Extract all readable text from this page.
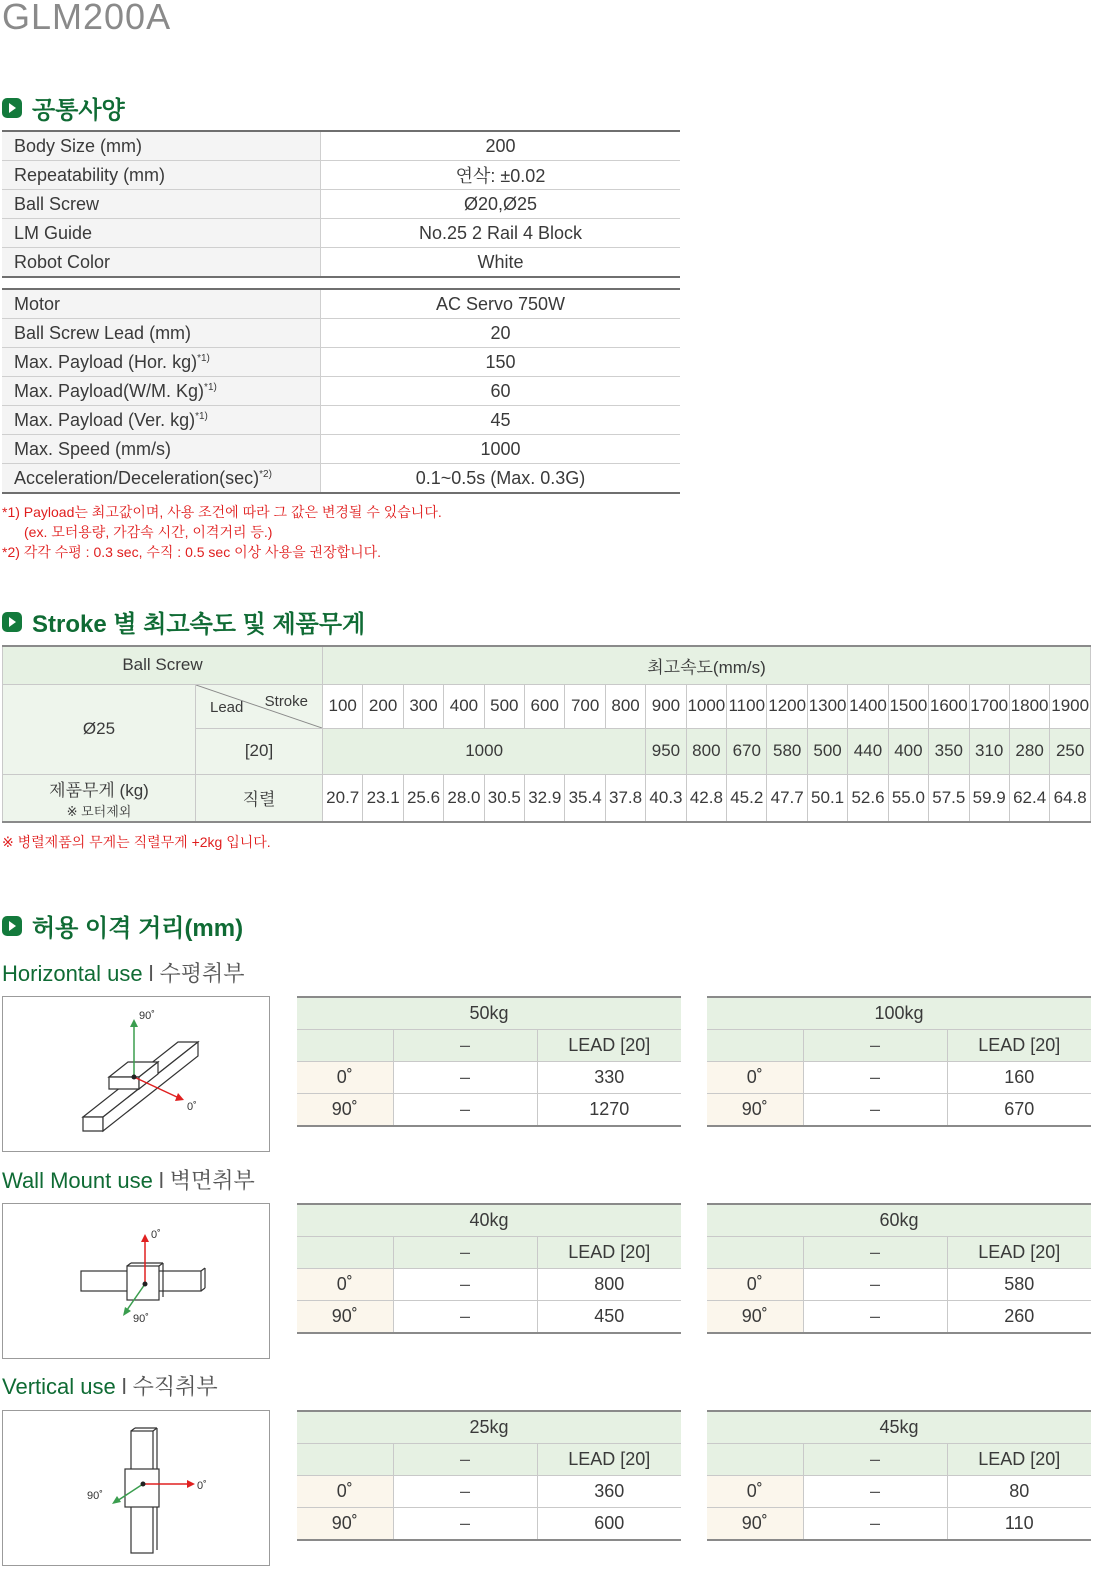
GLM200A
공통사양
Body Size (mm)	200
Repeatability (mm)	연삭: ±0.02
Ball Screw	Ø20,Ø25
LM Guide	No.25 2 Rail 4 Block
Robot Color	White
Motor	AC Servo 750W
Ball Screw Lead (mm)	20
Max. Payload (Hor. kg)$^{*1)}$	150
Max. Payload(W/M. Kg)$^{*1)}$	60
Max. Payload (Ver. kg)$^{*1)}$	45
Max. Speed (mm/s)	1000
Acceleration/$Deceleration(\sec)^{*2)}$	0.1~0.5s (Max. 0.3G)
*1) Payload는 최고값이며, 사용 조건에 따라 그 값은 변경될 수 있습니다.
(ex. 모터용량, 가감속 시간, 이격거리 등.)
*2) 각각 수평 : 0.3 sec, 수직 : 0.5 sec 이상 사용을 권장합니다.
Stroke 별 최고속도 및 제품무게
Ball Screw		최고속도(mm/s)																		
Ø25	Lead Stroke	100	200	300	400	500	600	700	800	900	1000	1100	1200	1300	1400	1500	1600	1700	1800	1900
	[20]	1000								950	800	670	580	500	440	400	350	310	280	250

제품무게 (kg)
※ 모터제외	직렬	20.7	23.1	25.6	28.0	30.5	32.9	35.4	37.8	40.3	42.8	45.2	47.7	50.1	52.6	55.0	57.5	59.9	62.4	64.8
※ 병렬제품의 무게는 직렬무게 +2kg 입니다.
허용 이격 거리(mm)
Horizontal use l 수평취부
90˚
0˚
50kg		
	–	LEAD [20]
0˚	–	330
90˚	–	1270
100kg		
	–	LEAD [20]
0˚	–	160
90˚	–	670
Wall Mount use l 벽면취부
0˚
90˚
40kg		
	–	LEAD [20]
0˚	–	800
90˚	–	450
60kg		
	–	LEAD [20]
0˚	–	580
90˚	–	260
Vertical use l 수직취부
0˚
90˚
25kg		
	–	LEAD [20]
0˚	–	360
90˚	–	600
45kg		
	–	LEAD [20]
0˚	–	80
90˚	–	110
